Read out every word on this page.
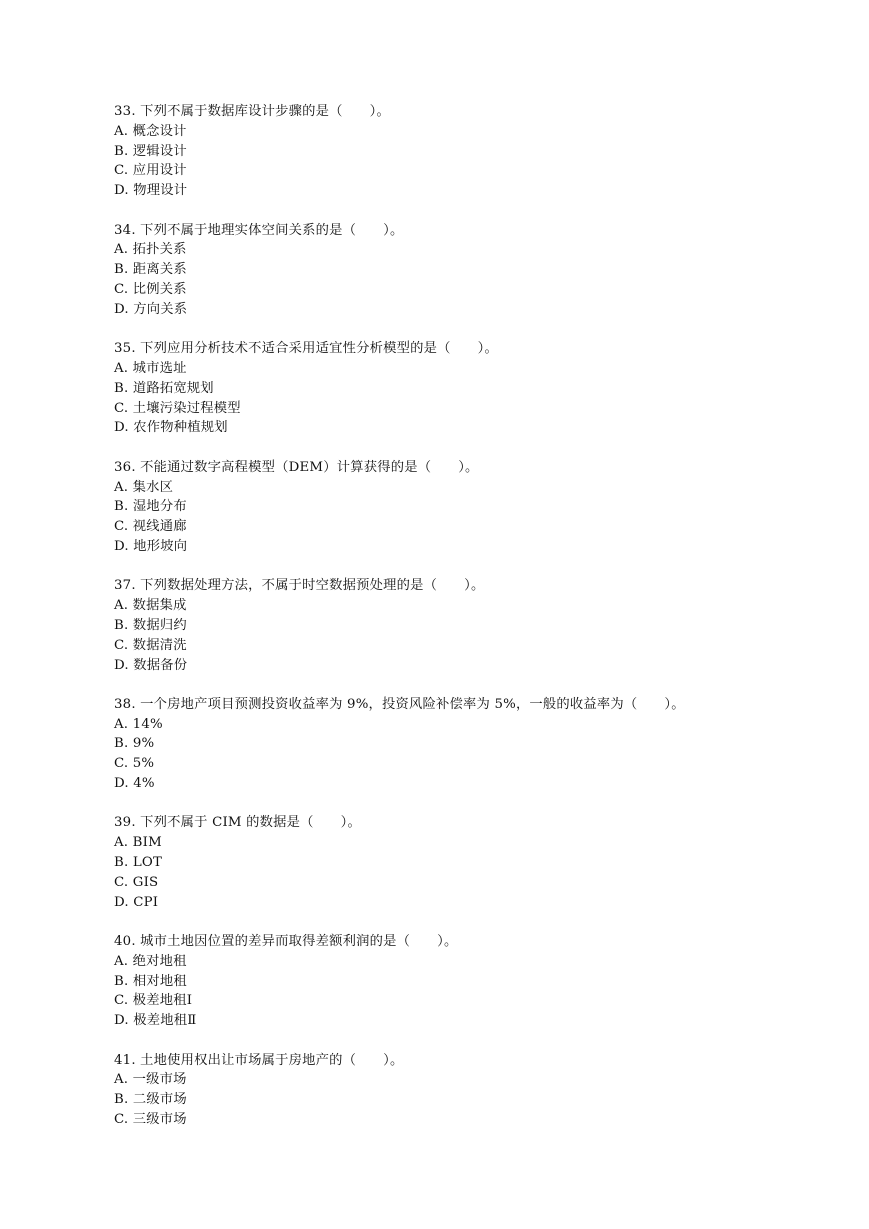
33. 下列不属于数据库设计步骤的是（　　）。
A. 概念设计
B. 逻辑设计
C. 应用设计
D. 物理设计
34. 下列不属于地理实体空间关系的是（　　）。
A. 拓扑关系
B. 距离关系
C. 比例关系
D. 方向关系
35. 下列应用分析技术不适合采用适宜性分析模型的是（　　）。
A. 城市选址
B. 道路拓宽规划
C. 土壤污染过程模型
D. 农作物种植规划
36. 不能通过数字高程模型（DEM）计算获得的是（　　）。
A. 集水区
B. 湿地分布
C. 视线通廊
D. 地形坡向
37. 下列数据处理方法，不属于时空数据预处理的是（　　）。
A. 数据集成
B. 数据归约
C. 数据清洗
D. 数据备份
38. 一个房地产项目预测投资收益率为 9%，投资风险补偿率为 5%，一般的收益率为（　　）。
A. 14%
B. 9%
C. 5%
D. 4%
39. 下列不属于 CIM 的数据是（　　）。
A. BIM
B. LOT
C. GIS
D. CPI
40. 城市土地因位置的差异而取得差额利润的是（　　）。
A. 绝对地租
B. 相对地租
C. 极差地租Ⅰ
D. 极差地租Ⅱ
41. 土地使用权出让市场属于房地产的（　　）。
A. 一级市场
B. 二级市场
C. 三级市场
